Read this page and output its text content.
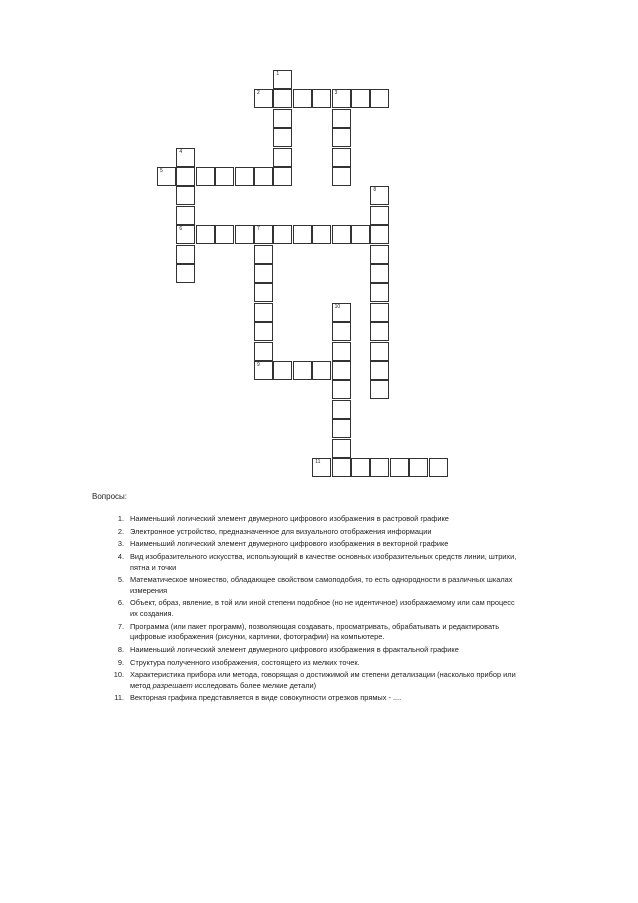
1
2	3
4
6
5
7
9
8
10
11
Вопросы:
1. Наименьший логический элемент двумерного цифрового изображения в растровой графике
2. Электронное устройство, предназначенное для визуального отображения информации
3. Наименьший логический элемент двумерного цифрового изображения в векторной графике
4. Вид изобразительного искусства, использующий в качестве основных изобразительных средств линии, штрихи, пятна и точки
5. Математическое множество, обладающее свойством самоподобия, то есть однородности в различных шкалах измерения
6. Объект, образ, явление, в той или иной степени подобное (но не идентичное) изображаемому или сам процесс их создания.
7. Программа (или пакет программ), позволяющая создавать, просматривать, обрабатывать и редактировать цифровые изображения (рисунки, картинки, фотографии) на компьютере.
8. Наименьший логический элемент двумерного цифрового изображения в фрактальной графике
9. Структура полученного изображения, состоящего из мелких точек.
10. Характеристика прибора или метода, говорящая о достижимой им степени детализации (насколько прибор или метод разрешает исследовать более мелкие детали)
11. Векторная графика представляется в виде совокупности отрезков прямых - ....
